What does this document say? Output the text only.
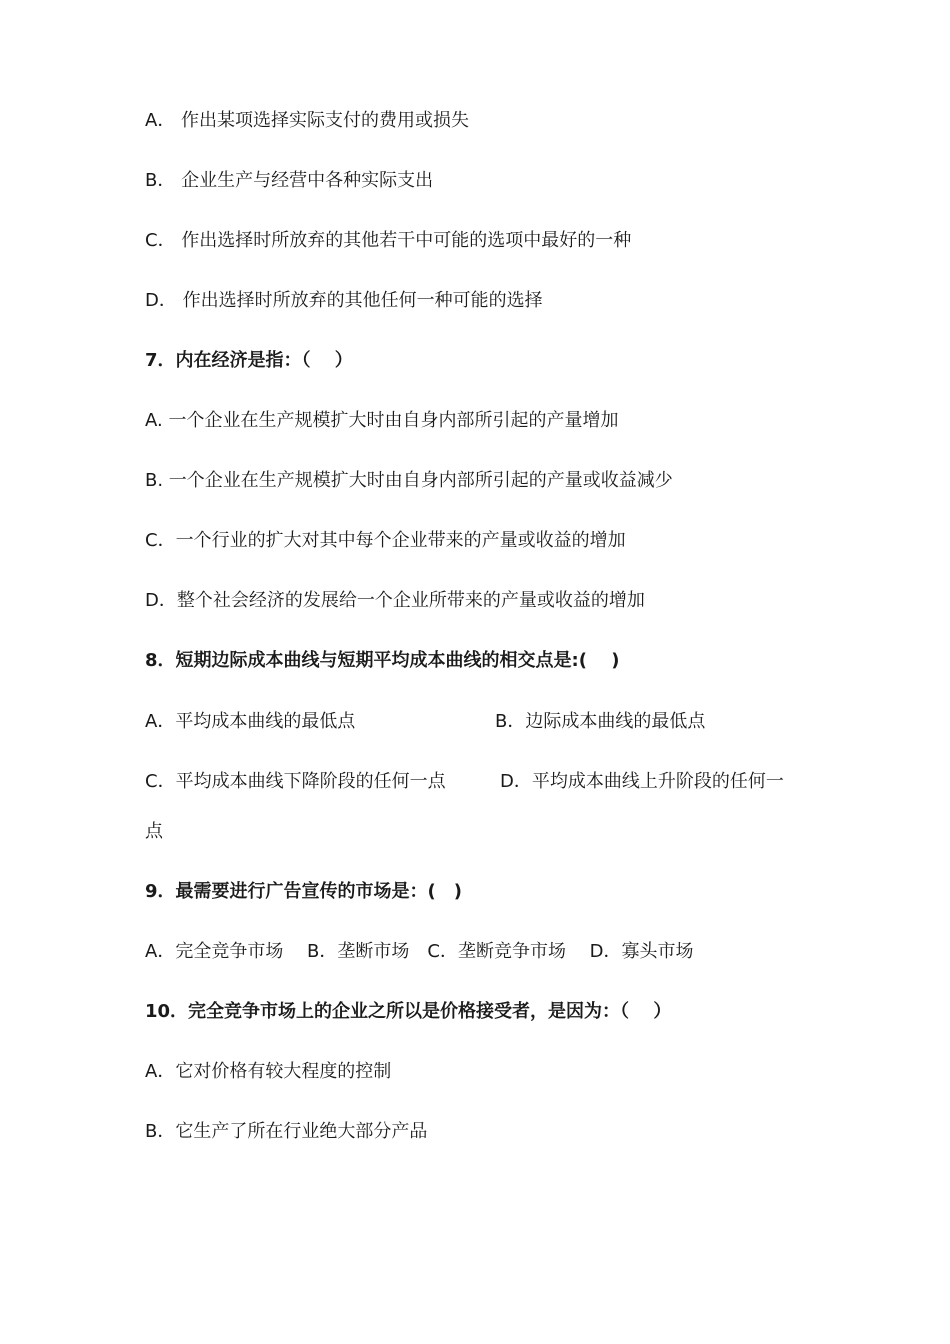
A． 作出某项选择实际支付的费用或损失
B． 企业生产与经营中各种实际支出
C． 作出选择时所放弃的其他若干中可能的选项中最好的一种
D． 作出选择时所放弃的其他任何一种可能的选择
7．内在经济是指：（　 ）
A. 一个企业在生产规模扩大时由自身内部所引起的产量增加
B. 一个企业在生产规模扩大时由自身内部所引起的产量或收益减少
C．一个行业的扩大对其中每个企业带来的产量或收益的增加
D．整个社会经济的发展给一个企业所带来的产量或收益的增加
8．短期边际成本曲线与短期平均成本曲线的相交点是:(　 )
A．平均成本曲线的最低点	B．边际成本曲线的最低点
C．平均成本曲线下降阶段的任何一点	D．平均成本曲线上升阶段的任何一
点
9．最需要进行广告宣传的市场是：(　)
A．完全竞争市场　 B．垄断市场　C．垄断竞争市场　 D．寡头市场
10．完全竞争市场上的企业之所以是价格接受者，是因为：（　 ）
A．它对价格有较大程度的控制
B．它生产了所在行业绝大部分产品
